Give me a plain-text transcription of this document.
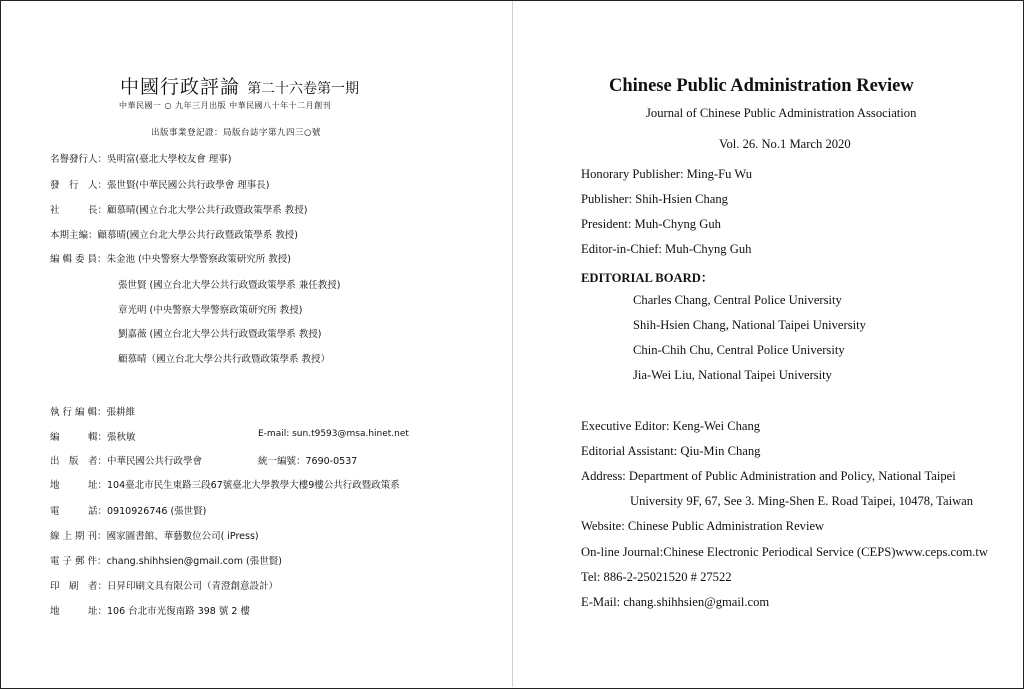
中國行政評論 第二十六卷第一期
中華民國一 ○ 九年三月出版 中華民國八十年十二月創刊
出版事業登記證：局版台誌字第九四三○號
名譽發行人：吳明富(臺北大學校友會 理事)
發　行　人：張世賢(中華民國公共行政學會 理事長)
社　　　長：顧慕晴(國立台北大學公共行政暨政策學系 教授)
本期主編：顧慕晴(國立台北大學公共行政暨政策學系 教授)
編 輯 委 員：朱金池 (中央警察大學警察政策研究所 教授)
張世賢 (國立台北大學公共行政暨政策學系 兼任教授)
章光明 (中央警察大學警察政策研究所 教授)
劉嘉薇 (國立台北大學公共行政暨政策學系 教授)
顧慕晴（國立台北大學公共行政暨政策學系 教授）
執 行 編 輯：張耕維
編　　　輯：張秋敏	E-mail: sun.t9593@msa.hinet.net
出　版　者：中華民國公共行政學會	統一編號：7690-0537
地　　　址：104臺北市民生東路三段67號臺北大學教學大樓9樓公共行政暨政策系
電　　　話：0910926746 (張世賢)
線 上 期 刊：國家圖書館、華藝數位公司( iPress)
電 子 郵 件：chang.shihhsien@gmail.com (張世賢)
印　刷　者：日昇印刷文具有限公司（青澄創意設計）
地　　　址：106 台北市光復南路 398 號 2 樓
Chinese Public Administration Review
Journal of Chinese Public Administration Association
Vol. 26. No.1 March 2020
Honorary Publisher: Ming-Fu Wu
Publisher: Shih-Hsien Chang
President: Muh-Chyng Guh
Editor-in-Chief: Muh-Chyng Guh
EDITORIAL BOARD：
Charles Chang, Central Police University
Shih-Hsien Chang, National Taipei University
Chin-Chih Chu, Central Police University
Jia-Wei Liu, National Taipei University
Executive Editor: Keng-Wei Chang
Editorial Assistant: Qiu-Min Chang
Address: Department of Public Administration and Policy, National Taipei
University 9F, 67, See 3. Ming-Shen E. Road Taipei, 10478, Taiwan
Website: Chinese Public Administration Review
On-line Journal:Chinese Electronic Periodical Service (CEPS)www.ceps.com.tw
Tel: 886-2-25021520 # 27522
E-Mail: chang.shihhsien@gmail.com
